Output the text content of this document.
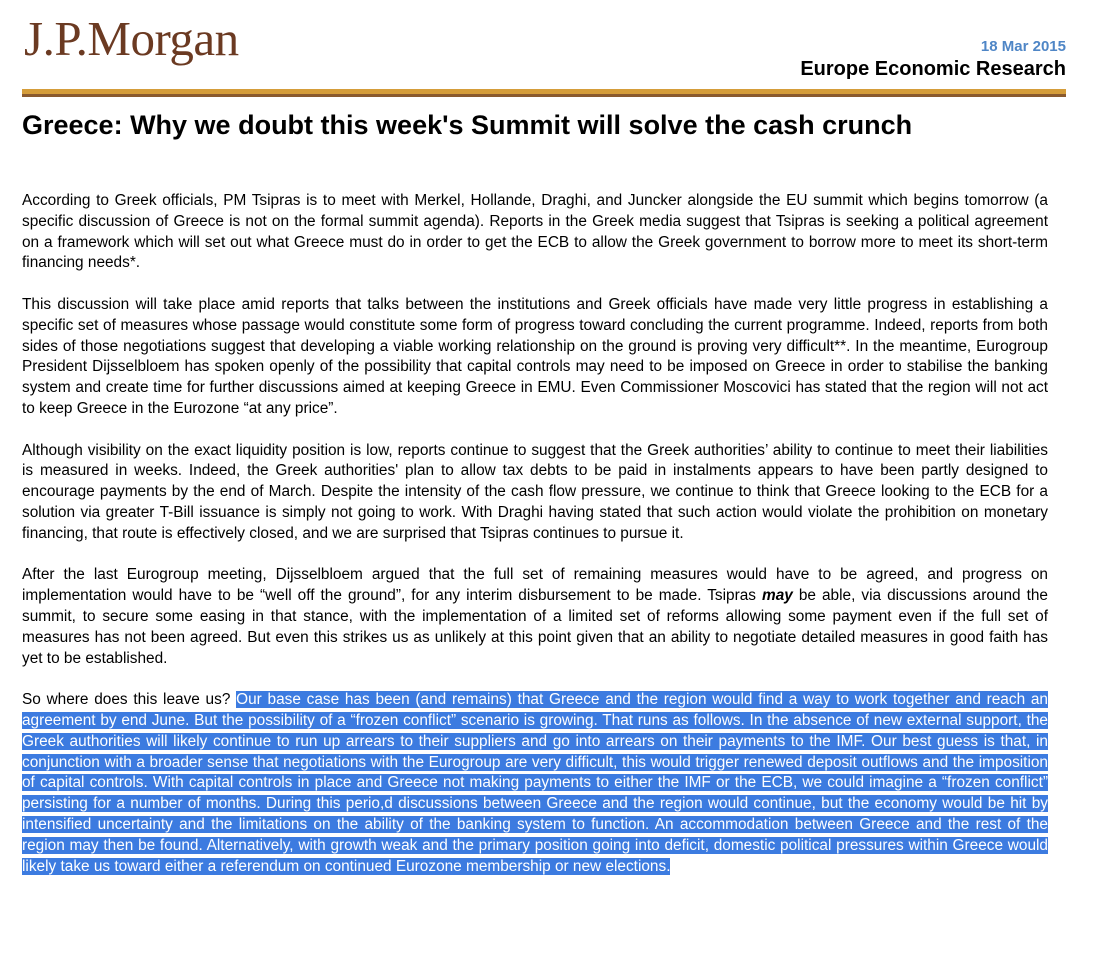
J.P.Morgan	18 Mar 2015
Europe Economic Research
Greece: Why we doubt this week's Summit will solve the cash crunch

According to Greek officials, PM Tsipras is to meet with Merkel, Hollande, Draghi, and Juncker alongside the EU summit which begins tomorrow (a specific discussion of Greece is not on the formal summit agenda). Reports in the Greek media suggest that Tsipras is seeking a political agreement on a framework which will set out what Greece must do in order to get the ECB to allow the Greek government to borrow more to meet its short-term financing needs*.

This discussion will take place amid reports that talks between the institutions and Greek officials have made very little progress in establishing a specific set of measures whose passage would constitute some form of progress toward concluding the current programme. Indeed, reports from both sides of those negotiations suggest that developing a viable working relationship on the ground is proving very difficult**. In the meantime, Eurogroup President Dijsselbloem has spoken openly of the possibility that capital controls may need to be imposed on Greece in order to stabilise the banking system and create time for further discussions aimed at keeping Greece in EMU. Even Commissioner Moscovici has stated that the region will not act to keep Greece in the Eurozone “at any price”.

Although visibility on the exact liquidity position is low, reports continue to suggest that the Greek authorities’ ability to continue to meet their liabilities is measured in weeks. Indeed, the Greek authorities' plan to allow tax debts to be paid in instalments appears to have been partly designed to encourage payments by the end of March. Despite the intensity of the cash flow pressure, we continue to think that Greece looking to the ECB for a solution via greater T-Bill issuance is simply not going to work. With Draghi having stated that such action would violate the prohibition on monetary financing, that route is effectively closed, and we are surprised that Tsipras continues to pursue it.

After the last Eurogroup meeting, Dijsselbloem argued that the full set of remaining measures would have to be agreed, and progress on implementation would have to be “well off the ground”, for any interim disbursement to be made. Tsipras may be able, via discussions around the summit, to secure some easing in that stance, with the implementation of a limited set of reforms allowing some payment even if the full set of measures has not been agreed. But even this strikes us as unlikely at this point given that an ability to negotiate detailed measures in good faith has yet to be established.

So where does this leave us? Our base case has been (and remains) that Greece and the region would find a way to work together and reach an agreement by end June. But the possibility of a “frozen conflict” scenario is growing. That runs as follows. In the absence of new external support, the Greek authorities will likely continue to run up arrears to their suppliers and go into arrears on their payments to the IMF. Our best guess is that, in conjunction with a broader sense that negotiations with the Eurogroup are very difficult, this would trigger renewed deposit outflows and the imposition of capital controls. With capital controls in place and Greece not making payments to either the IMF or the ECB, we could imagine a “frozen conflict” persisting for a number of months. During this perio,d discussions between Greece and the region would continue, but the economy would be hit by intensified uncertainty and the limitations on the ability of the banking system to function. An accommodation between Greece and the rest of the region may then be found. Alternatively, with growth weak and the primary position going into deficit, domestic political pressures within Greece would likely take us toward either a referendum on continued Eurozone membership or new elections.
